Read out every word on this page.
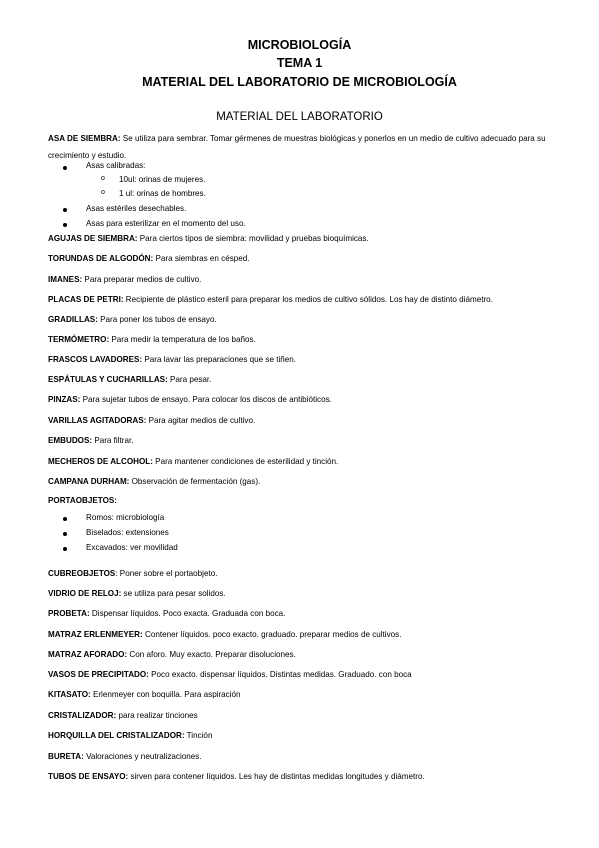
MICROBIOLOGÍA
TEMA 1
MATERIAL DEL LABORATORIO DE MICROBIOLOGÍA
MATERIAL DEL LABORATORIO
ASA DE SIEMBRA: Se utiliza para sembrar. Tomar gérmenes de muestras biológicas y ponerlos en un medio de cultivo adecuado para su crecimiento y estudio.
Asas calibradas:
o 10ul: orinas de mujeres.
o 1 ul: orinas de hombres.
Asas estériles desechables.
Asas para esterilizar en el momento del uso.
AGUJAS DE SIEMBRA: Para ciertos tipos de siembra: movilidad y pruebas bioquímicas.
TORUNDAS DE ALGODÓN: Para siembras en césped.
IMANES: Para preparar medios de cultivo.
PLACAS DE PETRI: Recipiente de plástico esteril para preparar los medios de cultivo sólidos. Los hay de distinto diámetro.
GRADILLAS: Para poner los tubos de ensayo.
TERMÓMETRO: Para medir la temperatura de los baños.
FRASCOS LAVADORES: Para lavar las preparaciones que se tiñen.
ESPÁTULAS Y CUCHARILLAS: Para pesar.
PINZAS: Para sujetar tubos de ensayo. Para colocar los discos de antibióticos.
VARILLAS AGITADORAS: Para agitar medios de cultivo.
EMBUDOS: Para filtrar.
MECHEROS DE ALCOHOL: Para mantener condiciones de esterilidad y tinción.
CAMPANA DURHAM: Observación de fermentación (gas).
PORTAOBJETOS:
Romos: microbiología
Biselados: extensiones
Excavados: ver movilidad
CUBREOBJETOS: Poner sobre el portaobjeto.
VIDRIO DE RELOJ: se utiliza para pesar solidos.
PROBETA: Dispensar líquidos. Poco exacta. Graduada con boca.
MATRAZ ERLENMEYER: Contener líquidos. poco exacto. graduado. preparar medios de cultivos.
MATRAZ AFORADO: Con aforo. Muy exacto. Preparar disoluciones.
VASOS DE PRECIPITADO: Poco exacto. dispensar líquidos. Distintas medidas. Graduado. con boca
KITASATO: Erlenmeyer con boquilla. Para aspiración
CRISTALIZADOR: para realizar tinciones
HORQUILLA DEL CRISTALIZADOR: Tinción
BURETA: Valoraciones y neutralizaciones.
TUBOS DE ENSAYO: sirven para contener líquidos. Les hay de distintas medidas longitudes y diámetro.
